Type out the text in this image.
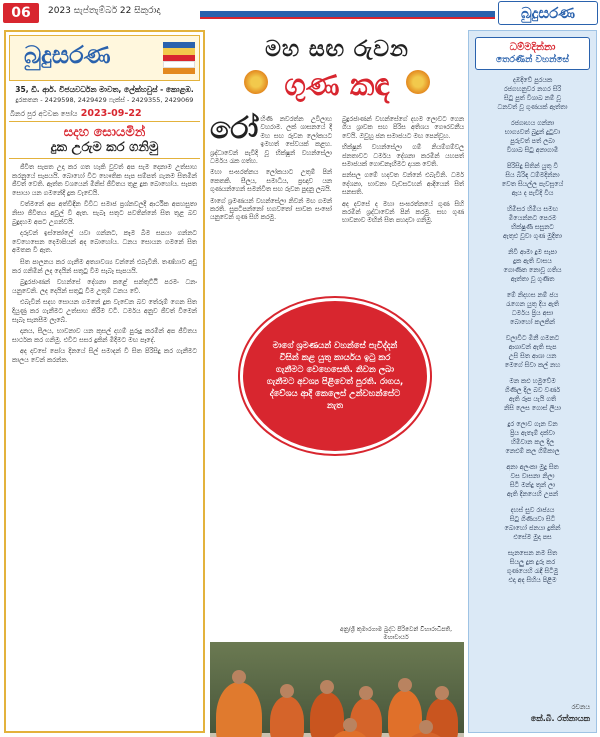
06	2023 සැප්තැම්බර් 22 සිකුරාදා	බුදුසරණ
බුදුසරණ
35, ඩී. ආර්. විජයවර්ධන මාවත, ලේක්හවුස් - කොළඹ.
දුරකතන - 2429598, 2429429 ෆැක්ස් - 2429355, 2429069
බිනර පුර අටවක පෝය 2023-09-22
සදහ සොයමින්
දුක උරුම කර ගනිමු

ජීවිත සැපත උදා කර ගත හැකි වුවත් අප සැම දෙනාම උත්සාහ කරනුයේ සැපයයි. බොහෝ විට භෞතික සැප සම්පත් ගැනම සිතමින් ජීවත් වෙති. ඇත්ත වශයෙන් මිනිස් ජීවිතය තුළ දුක බොහෝය. සැපත සොයා යන ගමනේදී දුක වැඩෙයි.

වත්මනේ අප අත්විඳින විවිධ සමාජ ප්‍රශ්නවලදී ආර්ථික අපහසුතා නිසා ජීවිතය අවුල් වී ඇත. සැබෑ සතුට පවතින්නේ සිත තුළ බව බුදුදහම අපට උගන්වයි.

දරුවන් ඉස්කෝලේ යවා ගන්නට, කෑම බීම සපයා ගන්නට වෙහෙසෙන දෙමාපියන් අද බොහෝය. ධනය සොයන ගමනේ සිත අමතක වී ඇත.

සිත පාලනය කර ගැනීම අත්‍යාවශ්‍ය වන්නේ එබැවිනි. තණ්හාව අඩු කර ගනිමින් ලද දෙයින් සතුටු වීම සැබෑ සැපයයි.

බුදුරජාණන් වහන්සේ දේශනා කළේ සන්තුට්ඨි පරමං ධනං යනුවෙනි. ලද දෙයින් සතුටු වීම උතුම් ධනය වේ.

එබැවින් සදහ සොයන ගමනේ දුක වැඩෙන බව තේරුම් ගෙන සිත දියුණු කර ගැනීමට උත්සාහ කිරීම වටී. ධර්මය අනුව ජීවත් වීමෙන් සැබෑ සැනසීම ලැබේ.

දානය, සීලය, භාවනාව යන කුසල් දහම් පුරුදු කරමින් අප ජීවිතය සාර්ථක කර ගනිමු. එවිට සසර දුකින් මිදීමට මඟ පෑදේ.

අද දවසේ පෝය දිනයේ සිල් සමාදන් වී සිත පිරිසිදු කර ගැනීමට කාලය වෙන් කරන්න.

මහ සඟ රුවන
ගුණ කඳ
රෝ හිණි නවරත්න උවිලාහ වහරාම. ලක් ශාසනයේ දී මහ සඟ රුවන ලෝකයට ඉමහත් සේවයක් කළහ. ශ්‍රද්ධාවෙන් පැවිදි වූ භික්ෂූන් වහන්සේලා ධර්මය රැක ගත්හ.

මහා සංඝරත්නය ලෝකයාට උතුම් පින් කෙතකි. සීලය, සමාධිය, ප්‍රඥාව යන ගුණයන්ගෙන් සමන්විත සඟ රුවන පුදනු ලබයි.

මාගේ ශ්‍රමණයන් වහන්සේලා නිවන් මඟ ගමන් කරති. සුපටිපන්නෝ භගවතෝ සාවක සංඝෝ යනුවෙන් ගුණ සිහි කරමු.

බුදුරජාණන් වහන්සේගේ දහම ලොවට ගෙන ගිය ශ්‍රාවක සඟ පිරිස අතිශය ගෞරවනීය වෙයි. ඔවුහු ජන සමාජයට මඟ පෙන්වූහ.

භික්ෂූන් වහන්සේලා ගම් නියම්ගම්වල ජනතාවට ධර්මය දේශනා කරමින් යහපත් සමාජයක් ගොඩනැඟීමට දායක වෙති.

පන්සල ගමේ හදවත වන්නේ එබැවිනි. ධර්ම දේශනා, භාවනා වැඩසටහන් ආදියෙන් සිත් සනසති.

අද දවසේ ද මහා සංඝරත්නයේ ගුණ සිහි කරමින් ශ්‍රද්ධාවෙන් පින් කරමු. සඟ ගුණ භාවනාව මඟින් සිත පහදවා ගනිමු.

මාගේ ශ්‍රමණයන් වහන්සේ පැවිද්දන් විසින් කළ යුතු කාර්යය ඉටු කර ගැනීමට වෙහෙසෙති. නිවන ලබා ගැනීමට අවශ්‍ය පිළිවෙත් පුරති. රාගය, ද්වේශය ආදී කෙලෙස් උන්වහන්සේට නැත
අනු/ශ්‍රී කුමාරගාම බුද්ධ පිරිවෙන් විහාරාධිපති, මහාචාර්ය
ධම්මදින්නා
තෙරණින් වහන්සේ
දඹදිවේ පුරයක
රජගහනුවර නගර සිරි
සිටු පුත් විශාඛ නම් වූ
ධනවත් වූ ගුණයක් ඇත්තා
රජගෘහය ගන්නා
භාග්‍යවත් බුදුන් දුටුවා
පුරුවත් පත් ලබා
විශාඛ සිටු අනාගාමී
පිරිසිදු සිතින් යුතු වී
සිය බිරිඳ ධම්මදින්නා
වෙත සියල්ල පැවසූයේ
ඇය ද පැවිදි විය
හිමිසර හිමිය සමඟ
මියෙන්නට පෙරම
භික්ෂුණී සසුනට
ඇතුළු වූවා ගුණ මුදිතා
නිවී ආමා දුම සැපා
දුක ඇති වාසය
ගොණිත නොවූ ගතිය
ඇත්තා වූ ගුණිත
මේ නිදහස නම් ජය
රැගෙන යුතු දිය ඇති
ධර්මය ප්‍රිය අසා
බොහෝ කලකින්
වලාවිට මිනී ගමනට
ආශාවන් ඇති සැප
උසි සිත ආශා යන
මෙගේ සිවා කල් නහ
මන කළු හමුවේම
ගිණිල දිල බව වර්ණ
ඇති රූප යැයි ගති
නිසි ලෙස ගොස් ලියා
දුර ලොව ගැන වන
ප්‍රිය ඇතැම් දක්වා
හිමිවාන කල දිල
නෙළුම් කල ගිම්කාල
අනා අලංකා මුදු සිත
වස වාසනා නිලා
සිටි මන්දු තුන් ලා
ඇති දිනයෙහි උපන්
දහස් සුව රාජ්‍යය
සිටු ගිණියවා සිටි
බොහෝ ජනයා දුකින්
එසේම මුදා පස
සැනසෙන නම සිත
සියලු දුක දුරු කර
ගුණයෙහි රැඳී සිටිමු
එදා අද සිහිය පිළිම
රචනය
කේ.බී. රත්නායක
